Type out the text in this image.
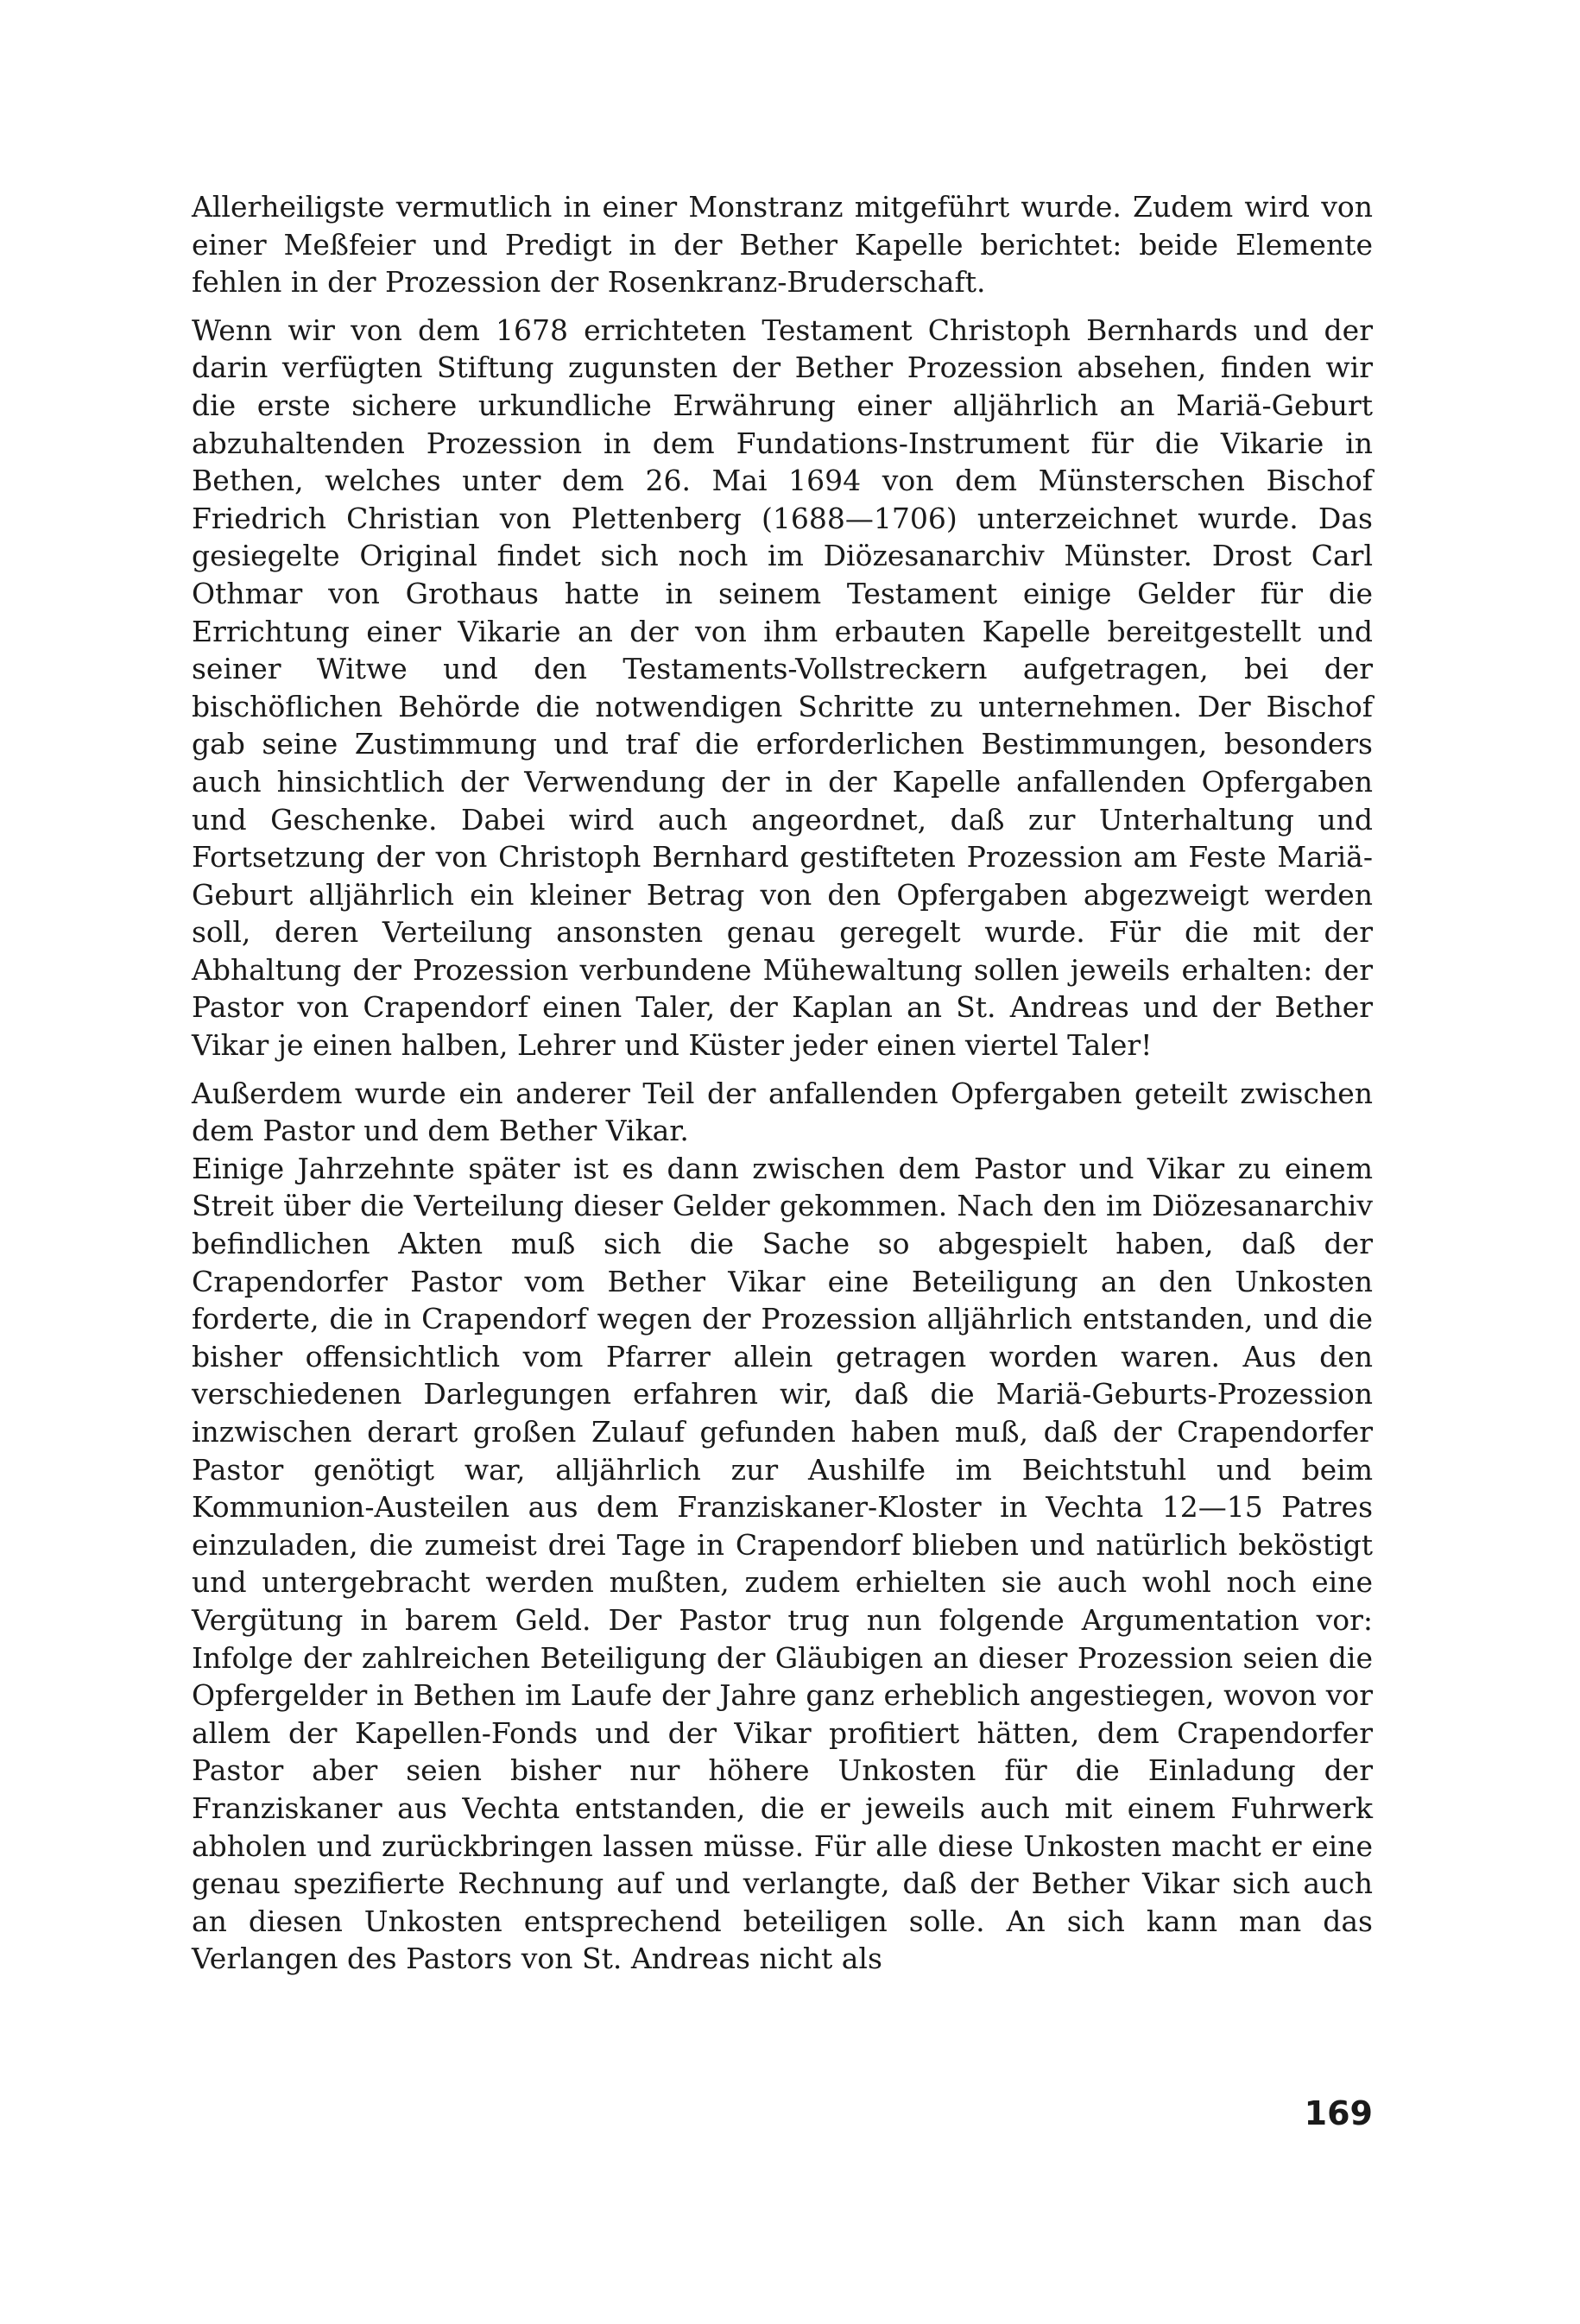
Allerheiligste vermutlich in einer Monstranz mitgeführt wurde. Zudem wird von einer Meßfeier und Predigt in der Bether Kapelle berichtet: beide Elemente fehlen in der Prozession der Rosenkranz-Bruderschaft.

Wenn wir von dem 1678 errichteten Testament Christoph Bernhards und der darin verfügten Stiftung zugunsten der Bether Prozession absehen, finden wir die erste sichere urkundliche Erwährung einer alljährlich an Mariä-Geburt abzuhaltenden Prozession in dem Fundations-Instrument für die Vikarie in Bethen, welches unter dem 26. Mai 1694 von dem Münsterschen Bischof Friedrich Christian von Plettenberg (1688—1706) unterzeichnet wurde. Das gesiegelte Original findet sich noch im Diözesanarchiv Münster. Drost Carl Othmar von Grothaus hatte in seinem Testament einige Gelder für die Errichtung einer Vikarie an der von ihm erbauten Kapelle bereitgestellt und seiner Witwe und den Testaments-Vollstreckern aufgetragen, bei der bischöflichen Behörde die notwendigen Schritte zu unternehmen. Der Bischof gab seine Zustimmung und traf die erforderlichen Bestimmungen, besonders auch hinsichtlich der Verwendung der in der Kapelle anfallenden Opfergaben und Geschenke. Dabei wird auch angeordnet, daß zur Unterhaltung und Fortsetzung der von Christoph Bernhard gestifteten Prozession am Feste Mariä-Geburt alljährlich ein kleiner Betrag von den Opfergaben abgezweigt werden soll, deren Verteilung ansonsten genau geregelt wurde. Für die mit der Abhaltung der Prozession verbundene Mühewaltung sollen jeweils erhalten: der Pastor von Crapendorf einen Taler, der Kaplan an St. Andreas und der Bether Vikar je einen halben, Lehrer und Küster jeder einen viertel Taler!

Außerdem wurde ein anderer Teil der anfallenden Opfergaben geteilt zwischen dem Pastor und dem Bether Vikar.

Einige Jahrzehnte später ist es dann zwischen dem Pastor und Vikar zu einem Streit über die Verteilung dieser Gelder gekommen. Nach den im Diözesanarchiv befindlichen Akten muß sich die Sache so abgespielt haben, daß der Crapendorfer Pastor vom Bether Vikar eine Beteiligung an den Unkosten forderte, die in Crapendorf wegen der Prozession alljährlich entstanden, und die bisher offensichtlich vom Pfarrer allein getragen worden waren. Aus den verschiedenen Darlegungen erfahren wir, daß die Mariä-Geburts-Prozession inzwischen derart großen Zulauf gefunden haben muß, daß der Crapendorfer Pastor genötigt war, alljährlich zur Aushilfe im Beichtstuhl und beim Kommunion-Austeilen aus dem Franziskaner-Kloster in Vechta 12—15 Patres einzuladen, die zumeist drei Tage in Crapendorf blieben und natürlich beköstigt und untergebracht werden mußten, zudem erhielten sie auch wohl noch eine Vergütung in barem Geld. Der Pastor trug nun folgende Argumentation vor: Infolge der zahlreichen Beteiligung der Gläubigen an dieser Prozession seien die Opfergelder in Bethen im Laufe der Jahre ganz erheblich angestiegen, wovon vor allem der Kapellen-Fonds und der Vikar profitiert hätten, dem Crapendorfer Pastor aber seien bisher nur höhere Unkosten für die Einladung der Franziskaner aus Vechta entstanden, die er jeweils auch mit einem Fuhrwerk abholen und zurückbringen lassen müsse. Für alle diese Unkosten macht er eine genau spezifierte Rechnung auf und verlangte, daß der Bether Vikar sich auch an diesen Unkosten entsprechend beteiligen solle. An sich kann man das Verlangen des Pastors von St. Andreas nicht als

169
